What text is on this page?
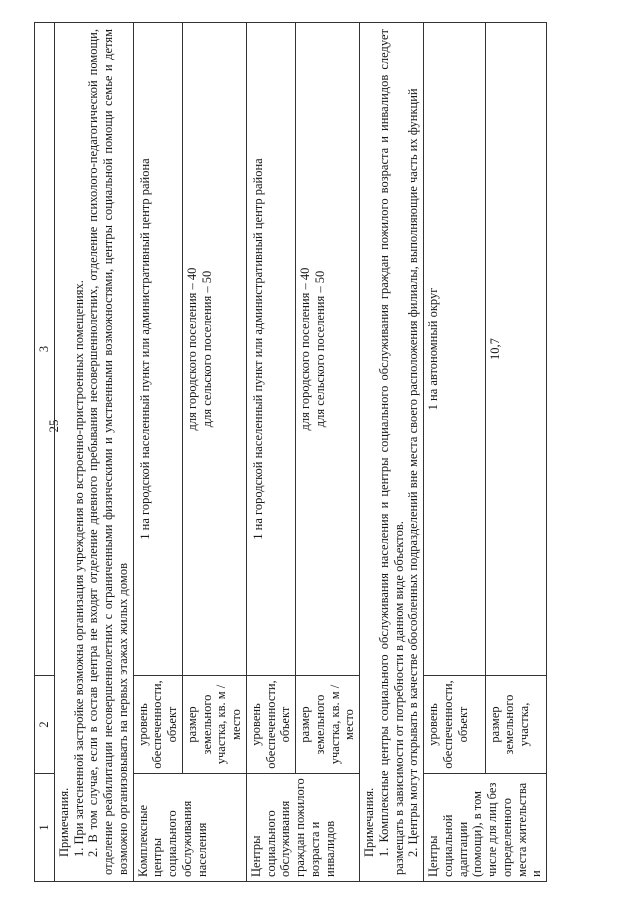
25
1	2	3

Примечания. 1. При затесненной застройке возможна организация учреждения во встроенно-пристроенных помещениях. 2. В том случае, если в состав центра не входят отделение дневного пребывания несовершеннолетних, отделение психолого-педагогической помощи, отделение реабилитации несовершеннолетних с ограниченными физическими и умственными возможностями, центры социальной помощи семье и детям возможно организовывать на первых этажах жилых домов		

Комплексные центры социального обслуживания населения	уровень обеспеченности, объект	1 на городской населенный пункт или административный центр района
	размер земельного участка, кв. м /место	для городского поселения – 40 для сельского поселения – 50

Центры социального обслуживания граждан пожилого возраста и инвалидов	уровень обеспеченности, объект	1 на городской населенный пункт или административный центр района
	размер земельного участка, кв. м /место	для городского поселения – 40 для сельского поселения – 50

Примечания. 1. Комплексные центры социального обслуживания населения и центры социального обслуживания граждан пожилого возраста и инвалидов следует размещать в зависимости от потребности в данном виде объектов. 2. Центры могут открывать в качестве обособленных подразделений вне места своего расположения филиалы, выполняющие часть их функций		

Центры социальной адаптации (помощи), в том числе для лиц без определенного места жительства и	уровень обеспеченности, объект	1 на автономный округ
	размер земельного участка,	10,7
